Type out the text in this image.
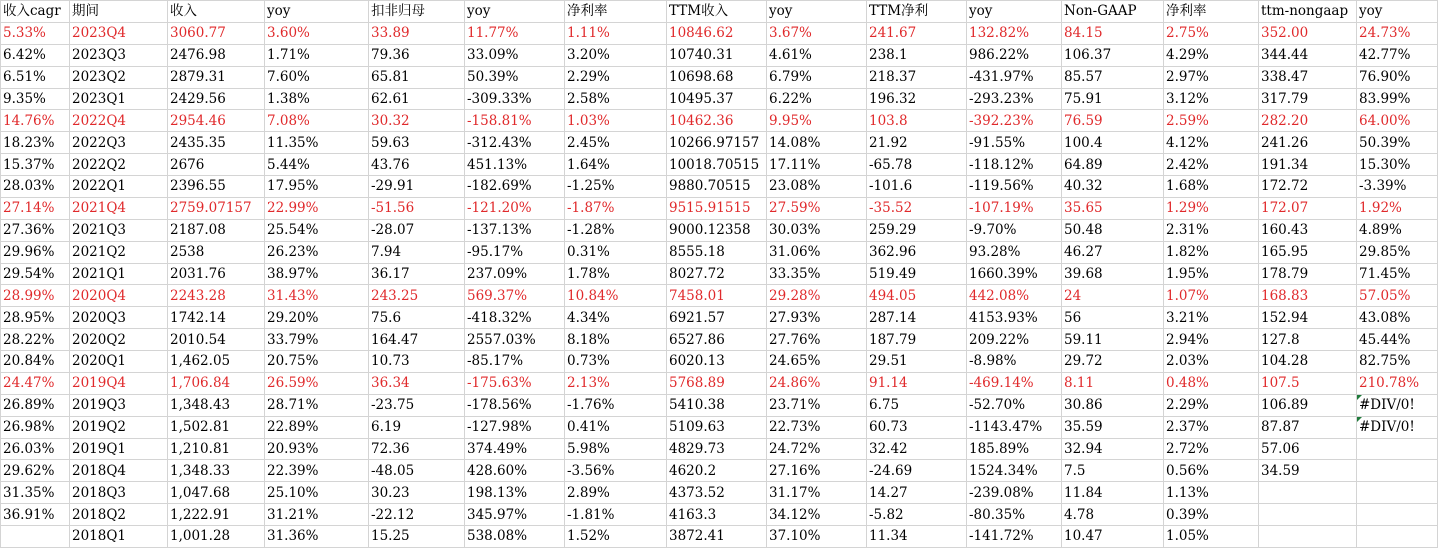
收入cagr	期间	收入	yoy	扣非归母	yoy	净利率	TTM收入	yoy	TTM净利	yoy	Non-GAAP	净利率	ttm-nongaap	yoy
5.33%	2023Q4	3060.77	3.60%	33.89	11.77%	1.11%	10846.62	3.67%	241.67	132.82%	84.15	2.75%	352.00	24.73%
6.42%	2023Q3	2476.98	1.71%	79.36	33.09%	3.20%	10740.31	4.61%	238.1	986.22%	106.37	4.29%	344.44	42.77%
6.51%	2023Q2	2879.31	7.60%	65.81	50.39%	2.29%	10698.68	6.79%	218.37	-431.97%	85.57	2.97%	338.47	76.90%
9.35%	2023Q1	2429.56	1.38%	62.61	-309.33%	2.58%	10495.37	6.22%	196.32	-293.23%	75.91	3.12%	317.79	83.99%
14.76%	2022Q4	2954.46	7.08%	30.32	-158.81%	1.03%	10462.36	9.95%	103.8	-392.23%	76.59	2.59%	282.20	64.00%
18.23%	2022Q3	2435.35	11.35%	59.63	-312.43%	2.45%	10266.97157	14.08%	21.92	-91.55%	100.4	4.12%	241.26	50.39%
15.37%	2022Q2	2676	5.44%	43.76	451.13%	1.64%	10018.70515	17.11%	-65.78	-118.12%	64.89	2.42%	191.34	15.30%
28.03%	2022Q1	2396.55	17.95%	-29.91	-182.69%	-1.25%	9880.70515	23.08%	-101.6	-119.56%	40.32	1.68%	172.72	-3.39%
27.14%	2021Q4	2759.07157	22.99%	-51.56	-121.20%	-1.87%	9515.91515	27.59%	-35.52	-107.19%	35.65	1.29%	172.07	1.92%
27.36%	2021Q3	2187.08	25.54%	-28.07	-137.13%	-1.28%	9000.12358	30.03%	259.29	-9.70%	50.48	2.31%	160.43	4.89%
29.96%	2021Q2	2538	26.23%	7.94	-95.17%	0.31%	8555.18	31.06%	362.96	93.28%	46.27	1.82%	165.95	29.85%
29.54%	2021Q1	2031.76	38.97%	36.17	237.09%	1.78%	8027.72	33.35%	519.49	1660.39%	39.68	1.95%	178.79	71.45%
28.99%	2020Q4	2243.28	31.43%	243.25	569.37%	10.84%	7458.01	29.28%	494.05	442.08%	24	1.07%	168.83	57.05%
28.95%	2020Q3	1742.14	29.20%	75.6	-418.32%	4.34%	6921.57	27.93%	287.14	4153.93%	56	3.21%	152.94	43.08%
28.22%	2020Q2	2010.54	33.79%	164.47	2557.03%	8.18%	6527.86	27.76%	187.79	209.22%	59.11	2.94%	127.8	45.44%
20.84%	2020Q1	1,462.05	20.75%	10.73	-85.17%	0.73%	6020.13	24.65%	29.51	-8.98%	29.72	2.03%	104.28	82.75%
24.47%	2019Q4	1,706.84	26.59%	36.34	-175.63%	2.13%	5768.89	24.86%	91.14	-469.14%	8.11	0.48%	107.5	210.78%
26.89%	2019Q3	1,348.43	28.71%	-23.75	-178.56%	-1.76%	5410.38	23.71%	6.75	-52.70%	30.86	2.29%	106.89	#DIV/0!
26.98%	2019Q2	1,502.81	22.89%	6.19	-127.98%	0.41%	5109.63	22.73%	60.73	-1143.47%	35.59	2.37%	87.87	#DIV/0!
26.03%	2019Q1	1,210.81	20.93%	72.36	374.49%	5.98%	4829.73	24.72%	32.42	185.89%	32.94	2.72%	57.06	
29.62%	2018Q4	1,348.33	22.39%	-48.05	428.60%	-3.56%	4620.2	27.16%	-24.69	1524.34%	7.5	0.56%	34.59	
31.35%	2018Q3	1,047.68	25.10%	30.23	198.13%	2.89%	4373.52	31.17%	14.27	-239.08%	11.84	1.13%		
36.91%	2018Q2	1,222.91	31.21%	-22.12	345.97%	-1.81%	4163.3	34.12%	-5.82	-80.35%	4.78	0.39%		
	2018Q1	1,001.28	31.36%	15.25	538.08%	1.52%	3872.41	37.10%	11.34	-141.72%	10.47	1.05%		
